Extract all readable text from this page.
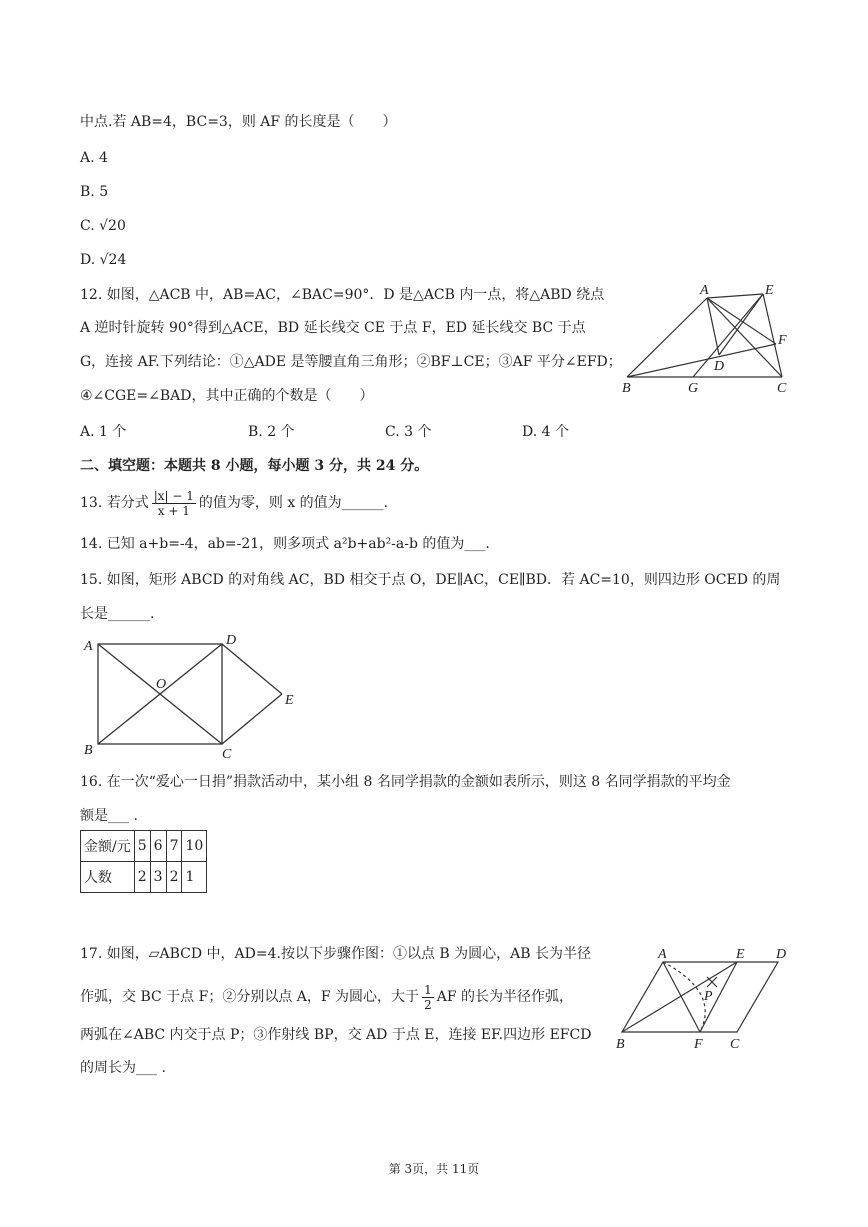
中点.若 AB=4，BC=3，则 AF 的长度是（　　）
A. 4
B. 5
C. √20
D. √24
12. 如图，△ACB 中，AB=AC，∠BAC=90°．D 是△ACB 内一点，将△ABD 绕点
A 逆时针旋转 90°得到△ACE，BD 延长线交 CE 于点 F，ED 延长线交 BC 于点
G，连接 AF.下列结论：①△ADE 是等腰直角三角形；②BF⊥CE；③AF 平分∠EFD；
④∠CGE=∠BAD，其中正确的个数是（　　）
A. 1 个	B. 2 个	C. 3 个	D. 4 个
A	E
F
D
B	G	C
二、填空题：本题共 8 小题，每小题 3 分，共 24 分。
13. 若分式 $\frac{|x| - 1}{x + 1}$ 的值为零，则 x 的值为______.
14. 已知 a+b=-4，ab=-21，则多项式 a²b+ab²-a-b 的值为___.
15. 如图，矩形 ABCD 的对角线 AC，BD 相交于点 O，DE∥AC，CE∥BD．若 AC=10，则四边形 OCED 的周
长是______.
A	D
O
E
B	C
16. 在一次“爱心一日捐”捐款活动中，某小组 8 名同学捐款的金额如表所示，则这 8 名同学捐款的平均金
额是___ .
金额/元	5	6	7	10
人数	2	3	2	1
17. 如图，▱ABCD 中，AD=4.按以下步骤作图：①以点 B 为圆心，AB 长为半径
作弧，交 BC 于点 F；②分别以点 A，F 为圆心，大于 $\frac{1}{2}$ AF 的长为半径作弧，
两弧在∠ABC 内交于点 P；③作射线 BP，交 AD 于点 E，连接 EF.四边形 EFCD
的周长为___ .
A	E D
P
B	F C
第 3页，共 11页
